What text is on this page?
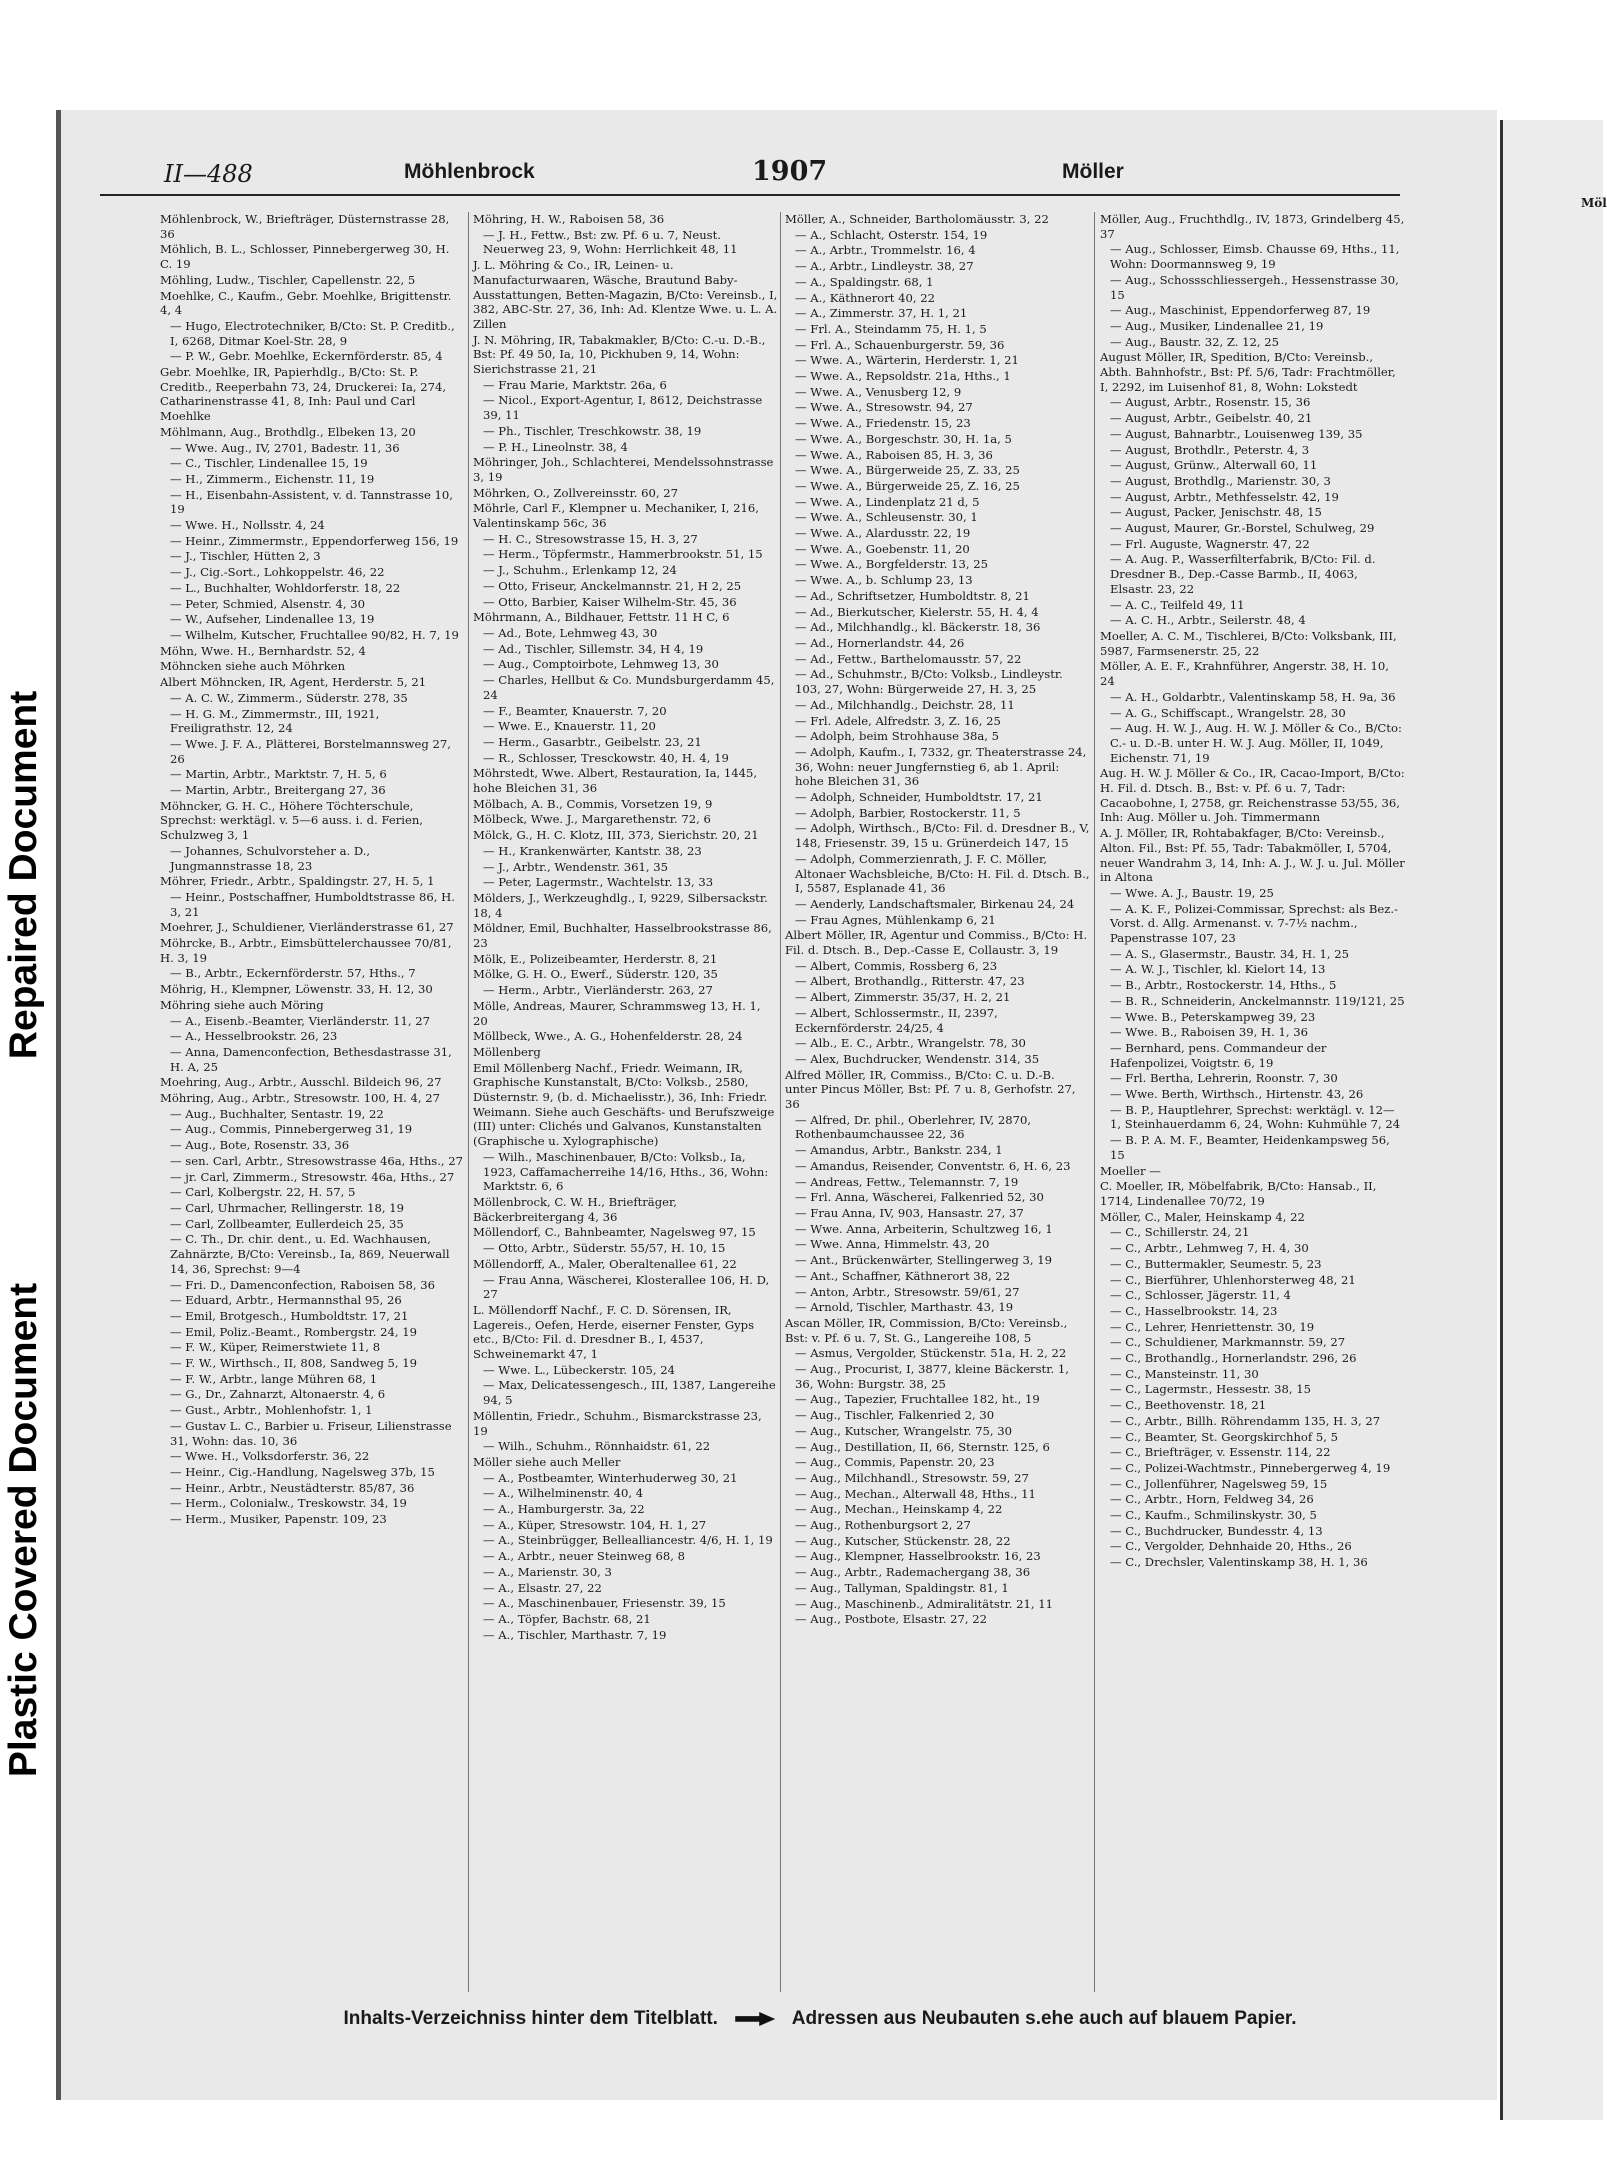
Repaired Document
Plastic Covered Document
Möl
II—488	Möhlenbrock	1907	Möller

Möhlenbrock, W., Briefträger, Düsternstrasse 28, 36

Möhlich, B. L., Schlosser, Pinnebergerweg 30, H. C. 19

Möhling, Ludw., Tischler, Capellenstr. 22, 5

Moehlke, C., Kaufm., Gebr. Moehlke, Brigittenstr. 4, 4

— Hugo, Electrotechniker, B/Cto: St. P. Creditb., I, 6268, Ditmar Koel-Str. 28, 9

— P. W., Gebr. Moehlke, Eckernförderstr. 85, 4

Gebr. Moehlke, IR, Papierhdlg., B/Cto: St. P. Creditb., Reeperbahn 73, 24, Druckerei: Ia, 274, Catharinenstrasse 41, 8, Inh: Paul und Carl Moehlke

Möhlmann, Aug., Brothdlg., Elbeken 13, 20

— Wwe. Aug., IV, 2701, Badestr. 11, 36

— C., Tischler, Lindenallee 15, 19

— H., Zimmerm., Eichenstr. 11, 19

— H., Eisenbahn-Assistent, v. d. Tannstrasse 10, 19

— Wwe. H., Nollsstr. 4, 24

— Heinr., Zimmermstr., Eppendorferweg 156, 19

— J., Tischler, Hütten 2, 3

— J., Cig.-Sort., Lohkoppelstr. 46, 22

— L., Buchhalter, Wohldorferstr. 18, 22

— Peter, Schmied, Alsenstr. 4, 30

— W., Aufseher, Lindenallee 13, 19

— Wilhelm, Kutscher, Fruchtallee 90/82, H. 7, 19

Möhn, Wwe. H., Bernhardstr. 52, 4

Möhncken siehe auch Möhrken

Albert Möhncken, IR, Agent, Herderstr. 5, 21

— A. C. W., Zimmerm., Süderstr. 278, 35

— H. G. M., Zimmermstr., III, 1921, Freiligrathstr. 12, 24

— Wwe. J. F. A., Plätterei, Borstelmannsweg 27, 26

— Martin, Arbtr., Marktstr. 7, H. 5, 6

— Martin, Arbtr., Breitergang 27, 36

Möhncker, G. H. C., Höhere Töchterschule, Sprechst: werktägl. v. 5—6 auss. i. d. Ferien, Schulzweg 3, 1

— Johannes, Schulvorsteher a. D., Jungmannstrasse 18, 23

Möhrer, Friedr., Arbtr., Spaldingstr. 27, H. 5, 1

— Heinr., Postschaffner, Humboldtstrasse 86, H. 3, 21

Moehrer, J., Schuldiener, Vierländerstrasse 61, 27

Möhrcke, B., Arbtr., Eimsbüttelerchaussee 70/81, H. 3, 19

— B., Arbtr., Eckernförderstr. 57, Hths., 7

Möhrig, H., Klempner, Löwenstr. 33, H. 12, 30

Möhring siehe auch Möring

— A., Eisenb.-Beamter, Vierländerstr. 11, 27

— A., Hesselbrookstr. 26, 23

— Anna, Damenconfection, Bethesdastrasse 31, H. A, 25

Moehring, Aug., Arbtr., Ausschl. Bildeich 96, 27

Möhring, Aug., Arbtr., Stresowstr. 100, H. 4, 27

— Aug., Buchhalter, Sentastr. 19, 22

— Aug., Commis, Pinnebergerweg 31, 19

— Aug., Bote, Rosenstr. 33, 36

— sen. Carl, Arbtr., Stresowstrasse 46a, Hths., 27

— jr. Carl, Zimmerm., Stresowstr. 46a, Hths., 27

— Carl, Kolbergstr. 22, H. 57, 5

— Carl, Uhrmacher, Rellingerstr. 18, 19

— Carl, Zollbeamter, Eullerdeich 25, 35

— C. Th., Dr. chir. dent., u. Ed. Wachhausen, Zahnärzte, B/Cto: Vereinsb., Ia, 869, Neuerwall 14, 36, Sprechst: 9—4

— Fri. D., Damenconfection, Raboisen 58, 36

— Eduard, Arbtr., Hermannsthal 95, 26

— Emil, Brotgesch., Humboldtstr. 17, 21

— Emil, Poliz.-Beamt., Rombergstr. 24, 19

— F. W., Küper, Reimerstwiete 11, 8

— F. W., Wirthsch., II, 808, Sandweg 5, 19

— F. W., Arbtr., lange Mühren 68, 1

— G., Dr., Zahnarzt, Altonaerstr. 4, 6

— Gust., Arbtr., Mohlenhofstr. 1, 1

— Gustav L. C., Barbier u. Friseur, Lilienstrasse 31, Wohn: das. 10, 36

— Wwe. H., Volksdorferstr. 36, 22

— Heinr., Cig.-Handlung, Nagelsweg 37b, 15

— Heinr., Arbtr., Neustädterstr. 85/87, 36

— Herm., Colonialw., Treskowstr. 34, 19

— Herm., Musiker, Papenstr. 109, 23

Möhring, H. W., Raboisen 58, 36

— J. H., Fettw., Bst: zw. Pf. 6 u. 7, Neust. Neuerweg 23, 9, Wohn: Herrlichkeit 48, 11

J. L. Möhring & Co., IR, Leinen- u. Manufacturwaaren, Wäsche, Brautund Baby-Ausstattungen, Betten-Magazin, B/Cto: Vereinsb., I, 382, ABC-Str. 27, 36, Inh: Ad. Klentze Wwe. u. L. A. Zillen

J. N. Möhring, IR, Tabakmakler, B/Cto: C.-u. D.-B., Bst: Pf. 49 50, Ia, 10, Pickhuben 9, 14, Wohn: Sierichstrasse 21, 21

— Frau Marie, Marktstr. 26a, 6

— Nicol., Export-Agentur, I, 8612, Deichstrasse 39, 11

— Ph., Tischler, Treschkowstr. 38, 19

— P. H., Lineolnstr. 38, 4

Möhringer, Joh., Schlachterei, Mendelssohnstrasse 3, 19

Möhrken, O., Zollvereinsstr. 60, 27

Möhrle, Carl F., Klempner u. Mechaniker, I, 216, Valentinskamp 56c, 36

— H. C., Stresowstrasse 15, H. 3, 27

— Herm., Töpfermstr., Hammerbrookstr. 51, 15

— J., Schuhm., Erlenkamp 12, 24

— Otto, Friseur, Anckelmannstr. 21, H 2, 25

— Otto, Barbier, Kaiser Wilhelm-Str. 45, 36

Möhrmann, A., Bildhauer, Fettstr. 11 H C, 6

— Ad., Bote, Lehmweg 43, 30

— Ad., Tischler, Sillemstr. 34, H 4, 19

— Aug., Comptoirbote, Lehmweg 13, 30

— Charles, Hellbut & Co. Mundsburgerdamm 45, 24

— F., Beamter, Knauerstr. 7, 20

— Wwe. E., Knauerstr. 11, 20

— Herm., Gasarbtr., Geibelstr. 23, 21

— R., Schlosser, Tresckowstr. 40, H. 4, 19

Möhrstedt, Wwe. Albert, Restauration, Ia, 1445, hohe Bleichen 31, 36

Mölbach, A. B., Commis, Vorsetzen 19, 9

Mölbeck, Wwe. J., Margarethenstr. 72, 6

Mölck, G., H. C. Klotz, III, 373, Sierichstr. 20, 21

— H., Krankenwärter, Kantstr. 38, 23

— J., Arbtr., Wendenstr. 361, 35

— Peter, Lagermstr., Wachtelstr. 13, 33

Mölders, J., Werkzeughdlg., I, 9229, Silbersackstr. 18, 4

Möldner, Emil, Buchhalter, Hasselbrookstrasse 86, 23

Mölk, E., Polizeibeamter, Herderstr. 8, 21

Mölke, G. H. O., Ewerf., Süderstr. 120, 35

— Herm., Arbtr., Vierländerstr. 263, 27

Mölle, Andreas, Maurer, Schrammsweg 13, H. 1, 20

Möllbeck, Wwe., A. G., Hohenfelderstr. 28, 24

Möllenberg

Emil Möllenberg Nachf., Friedr. Weimann, IR, Graphische Kunstanstalt, B/Cto: Volksb., 2580, Düsternstr. 9, (b. d. Michaelisstr.), 36, Inh: Friedr. Weimann. Siehe auch Geschäfts- und Berufszweige (III) unter: Clichés und Galvanos, Kunstanstalten (Graphische u. Xylographische)

— Wilh., Maschinenbauer, B/Cto: Volksb., Ia, 1923, Caffamacherreihe 14/16, Hths., 36, Wohn: Marktstr. 6, 6

Möllenbrock, C. W. H., Briefträger, Bäckerbreitergang 4, 36

Möllendorf, C., Bahnbeamter, Nagelsweg 97, 15

— Otto, Arbtr., Süderstr. 55/57, H. 10, 15

Möllendorff, A., Maler, Oberaltenallee 61, 22

— Frau Anna, Wäscherei, Klosterallee 106, H. D, 27

L. Möllendorff Nachf., F. C. D. Sörensen, IR, Lagereis., Oefen, Herde, eiserner Fenster, Gyps etc., B/Cto: Fil. d. Dresdner B., I, 4537, Schweinemarkt 47, 1

— Wwe. L., Lübeckerstr. 105, 24

— Max, Delicatessengesch., III, 1387, Langereihe 94, 5

Möllentin, Friedr., Schuhm., Bismarckstrasse 23, 19

— Wilh., Schuhm., Rönnhaidstr. 61, 22

Möller siehe auch Meller

— A., Postbeamter, Winterhuderweg 30, 21

— A., Wilhelminenstr. 40, 4

— A., Hamburgerstr. 3a, 22

— A., Küper, Stresowstr. 104, H. 1, 27

— A., Steinbrügger, Bellealliancestr. 4/6, H. 1, 19

— A., Arbtr., neuer Steinweg 68, 8

— A., Marienstr. 30, 3

— A., Elsastr. 27, 22

— A., Maschinenbauer, Friesenstr. 39, 15

— A., Töpfer, Bachstr. 68, 21

— A., Tischler, Marthastr. 7, 19

Möller, A., Schneider, Bartholomäusstr. 3, 22

— A., Schlacht, Osterstr. 154, 19

— A., Arbtr., Trommelstr. 16, 4

— A., Arbtr., Lindleystr. 38, 27

— A., Spaldingstr. 68, 1

— A., Käthnerort 40, 22

— A., Zimmerstr. 37, H. 1, 21

— Frl. A., Steindamm 75, H. 1, 5

— Frl. A., Schauenburgerstr. 59, 36

— Wwe. A., Wärterin, Herderstr. 1, 21

— Wwe. A., Repsoldstr. 21a, Hths., 1

— Wwe. A., Venusberg 12, 9

— Wwe. A., Stresowstr. 94, 27

— Wwe. A., Friedenstr. 15, 23

— Wwe. A., Borgeschstr. 30, H. 1a, 5

— Wwe. A., Raboisen 85, H. 3, 36

— Wwe. A., Bürgerweide 25, Z. 33, 25

— Wwe. A., Bürgerweide 25, Z. 16, 25

— Wwe. A., Lindenplatz 21 d, 5

— Wwe. A., Schleusenstr. 30, 1

— Wwe. A., Alardusstr. 22, 19

— Wwe. A., Goebenstr. 11, 20

— Wwe. A., Borgfelderstr. 13, 25

— Wwe. A., b. Schlump 23, 13

— Ad., Schriftsetzer, Humboldtstr. 8, 21

— Ad., Bierkutscher, Kielerstr. 55, H. 4, 4

— Ad., Milchhandlg., kl. Bäckerstr. 18, 36

— Ad., Hornerlandstr. 44, 26

— Ad., Fettw., Barthelomausstr. 57, 22

— Ad., Schuhmstr., B/Cto: Volksb., Lindleystr. 103, 27, Wohn: Bürgerweide 27, H. 3, 25

— Ad., Milchhandlg., Deichstr. 28, 11

— Frl. Adele, Alfredstr. 3, Z. 16, 25

— Adolph, beim Strohhause 38a, 5

— Adolph, Kaufm., I, 7332, gr. Theaterstrasse 24, 36, Wohn: neuer Jungfernstieg 6, ab 1. April: hohe Bleichen 31, 36

— Adolph, Schneider, Humboldtstr. 17, 21

— Adolph, Barbier, Rostockerstr. 11, 5

— Adolph, Wirthsch., B/Cto: Fil. d. Dresdner B., V, 148, Friesenstr. 39, 15 u. Grünerdeich 147, 15

— Adolph, Commerzienrath, J. F. C. Möller, Altonaer Wachsbleiche, B/Cto: H. Fil. d. Dtsch. B., I, 5587, Esplanade 41, 36

— Aenderly, Landschaftsmaler, Birkenau 24, 24

— Frau Agnes, Mühlenkamp 6, 21

Albert Möller, IR, Agentur und Commiss., B/Cto: H. Fil. d. Dtsch. B., Dep.-Casse E, Collaustr. 3, 19

— Albert, Commis, Rossberg 6, 23

— Albert, Brothandlg., Ritterstr. 47, 23

— Albert, Zimmerstr. 35/37, H. 2, 21

— Albert, Schlossermstr., II, 2397, Eckernförderstr. 24/25, 4

— Alb., E. C., Arbtr., Wrangelstr. 78, 30

— Alex, Buchdrucker, Wendenstr. 314, 35

Alfred Möller, IR, Commiss., B/Cto: C. u. D.-B. unter Pincus Möller, Bst: Pf. 7 u. 8, Gerhofstr. 27, 36

— Alfred, Dr. phil., Oberlehrer, IV, 2870, Rothenbaumchaussee 22, 36

— Amandus, Arbtr., Bankstr. 234, 1

— Amandus, Reisender, Conventstr. 6, H. 6, 23

— Andreas, Fettw., Telemannstr. 7, 19

— Frl. Anna, Wäscherei, Falkenried 52, 30

— Frau Anna, IV, 903, Hansastr. 27, 37

— Wwe. Anna, Arbeiterin, Schultzweg 16, 1

— Wwe. Anna, Himmelstr. 43, 20

— Ant., Brückenwärter, Stellingerweg 3, 19

— Ant., Schaffner, Käthnerort 38, 22

— Anton, Arbtr., Stresowstr. 59/61, 27

— Arnold, Tischler, Marthastr. 43, 19

Ascan Möller, IR, Commission, B/Cto: Vereinsb., Bst: v. Pf. 6 u. 7, St. G., Langereihe 108, 5

— Asmus, Vergolder, Stückenstr. 51a, H. 2, 22

— Aug., Procurist, I, 3877, kleine Bäckerstr. 1, 36, Wohn: Burgstr. 38, 25

— Aug., Tapezier, Fruchtallee 182, ht., 19

— Aug., Tischler, Falkenried 2, 30

— Aug., Kutscher, Wrangelstr. 75, 30

— Aug., Destillation, II, 66, Sternstr. 125, 6

— Aug., Commis, Papenstr. 20, 23

— Aug., Milchhandl., Stresowstr. 59, 27

— Aug., Mechan., Alterwall 48, Hths., 11

— Aug., Mechan., Heinskamp 4, 22

— Aug., Rothenburgsort 2, 27

— Aug., Kutscher, Stückenstr. 28, 22

— Aug., Klempner, Hasselbrookstr. 16, 23

— Aug., Arbtr., Rademachergang 38, 36

— Aug., Tallyman, Spaldingstr. 81, 1

— Aug., Maschinenb., Admiralitätstr. 21, 11

— Aug., Postbote, Elsastr. 27, 22

Möller, Aug., Fruchthdlg., IV, 1873, Grindelberg 45, 37

— Aug., Schlosser, Eimsb. Chausse 69, Hths., 11, Wohn: Doormannsweg 9, 19

— Aug., Schossschliessergeh., Hessenstrasse 30, 15

— Aug., Maschinist, Eppendorferweg 87, 19

— Aug., Musiker, Lindenallee 21, 19

— Aug., Baustr. 32, Z. 12, 25

August Möller, IR, Spedition, B/Cto: Vereinsb., Abth. Bahnhofstr., Bst: Pf. 5/6, Tadr: Frachtmöller, I, 2292, im Luisenhof 81, 8, Wohn: Lokstedt

— August, Arbtr., Rosenstr. 15, 36

— August, Arbtr., Geibelstr. 40, 21

— August, Bahnarbtr., Louisenweg 139, 35

— August, Brothdlr., Peterstr. 4, 3

— August, Grünw., Alterwall 60, 11

— August, Brothdlg., Marienstr. 30, 3

— August, Arbtr., Methfesselstr. 42, 19

— August, Packer, Jenischstr. 48, 15

— August, Maurer, Gr.-Borstel, Schulweg, 29

— Frl. Auguste, Wagnerstr. 47, 22

— A. Aug. P., Wasserfilterfabrik, B/Cto: Fil. d. Dresdner B., Dep.-Casse Barmb., II, 4063, Elsastr. 23, 22

— A. C., Teilfeld 49, 11

— A. C. H., Arbtr., Seilerstr. 48, 4

Moeller, A. C. M., Tischlerei, B/Cto: Volksbank, III, 5987, Farmsenerstr. 25, 22

Möller, A. E. F., Krahnführer, Angerstr. 38, H. 10, 24

— A. H., Goldarbtr., Valentinskamp 58, H. 9a, 36

— A. G., Schiffscapt., Wrangelstr. 28, 30

— Aug. H. W. J., Aug. H. W. J. Möller & Co., B/Cto: C.- u. D.-B. unter H. W. J. Aug. Möller, II, 1049, Eichenstr. 71, 19

Aug. H. W. J. Möller & Co., IR, Cacao-Import, B/Cto: H. Fil. d. Dtsch. B., Bst: v. Pf. 6 u. 7, Tadr: Cacaobohne, I, 2758, gr. Reichenstrasse 53/55, 36, Inh: Aug. Möller u. Joh. Timmermann

A. J. Möller, IR, Rohtabakfager, B/Cto: Vereinsb., Alton. Fil., Bst: Pf. 55, Tadr: Tabakmöller, I, 5704, neuer Wandrahm 3, 14, Inh: A. J., W. J. u. Jul. Möller in Altona

— Wwe. A. J., Baustr. 19, 25

— A. K. F., Polizei-Commissar, Sprechst: als Bez.-Vorst. d. Allg. Armenanst. v. 7-7½ nachm., Papenstrasse 107, 23

— A. S., Glasermstr., Baustr. 34, H. 1, 25

— A. W. J., Tischler, kl. Kielort 14, 13

— B., Arbtr., Rostockerstr. 14, Hths., 5

— B. R., Schneiderin, Anckelmannstr. 119/121, 25

— Wwe. B., Peterskampweg 39, 23

— Wwe. B., Raboisen 39, H. 1, 36

— Bernhard, pens. Commandeur der Hafenpolizei, Voigtstr. 6, 19

— Frl. Bertha, Lehrerin, Roonstr. 7, 30

— Wwe. Berth, Wirthsch., Hirtenstr. 43, 26

— B. P., Hauptlehrer, Sprechst: werktägl. v. 12—1, Steinhauerdamm 6, 24, Wohn: Kuhmühle 7, 24

— B. P. A. M. F., Beamter, Heidenkampsweg 56, 15

Moeller —

C. Moeller, IR, Möbelfabrik, B/Cto: Hansab., II, 1714, Lindenallee 70/72, 19

Möller, C., Maler, Heinskamp 4, 22

— C., Schillerstr. 24, 21

— C., Arbtr., Lehmweg 7, H. 4, 30

— C., Buttermakler, Seumestr. 5, 23

— C., Bierführer, Uhlenhorsterweg 48, 21

— C., Schlosser, Jägerstr. 11, 4

— C., Hasselbrookstr. 14, 23

— C., Lehrer, Henriettenstr. 30, 19

— C., Schuldiener, Markmannstr. 59, 27

— C., Brothandlg., Hornerlandstr. 296, 26

— C., Mansteinstr. 11, 30

— C., Lagermstr., Hessestr. 38, 15

— C., Beethovenstr. 18, 21

— C., Arbtr., Billh. Röhrendamm 135, H. 3, 27

— C., Beamter, St. Georgskirchhof 5, 5

— C., Briefträger, v. Essenstr. 114, 22

— C., Polizei-Wachtmstr., Pinnebergerweg 4, 19

— C., Jollenführer, Nagelsweg 59, 15

— C., Arbtr., Horn, Feldweg 34, 26

— C., Kaufm., Schmilinskystr. 30, 5

— C., Buchdrucker, Bundesstr. 4, 13

— C., Vergolder, Dehnhaide 20, Hths., 26

— C., Drechsler, Valentinskamp 38, H. 1, 36

Inhalts-Verzeichniss hinter dem Titelblatt.	Adressen aus Neubauten s.ehe auch auf blauem Papier.
